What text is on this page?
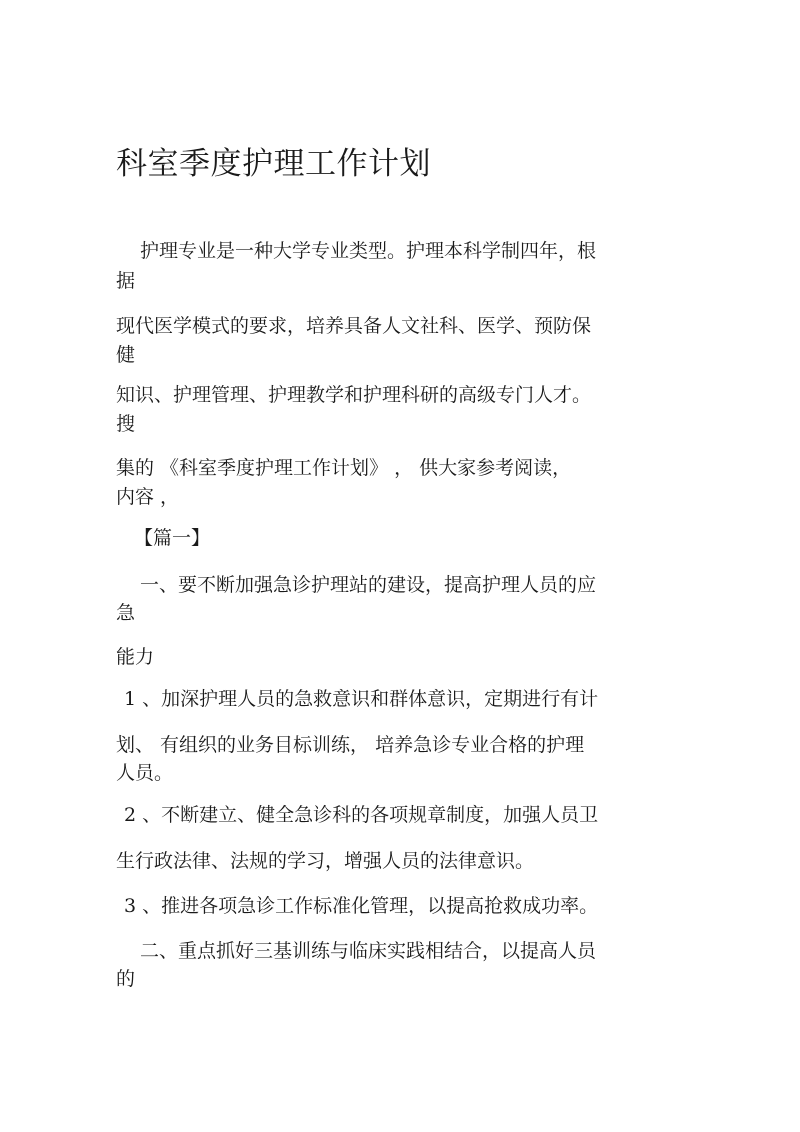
科室季度护理工作计划
护理专业是一种大学专业类型。护理本科学制四年，根
据
现代医学模式的要求，培养具备人文社科、医学、预防保
健
知识、护理管理、护理教学和护理科研的高级专门人才。
搜
集的 《科室季度护理工作计划》 ， 供大家参考阅读，
内容 ，
【篇一】
一、要不断加强急诊护理站的建设，提高护理人员的应
急
能力
1 、加深护理人员的急救意识和群体意识，定期进行有计
划、 有组织的业务目标训练， 培养急诊专业合格的护理
人员。
2 、不断建立、健全急诊科的各项规章制度，加强人员卫
生行政法律、法规的学习，增强人员的法律意识。
3 、推进各项急诊工作标准化管理，以提高抢救成功率。
二、重点抓好三基训练与临床实践相结合，以提高人员
的
